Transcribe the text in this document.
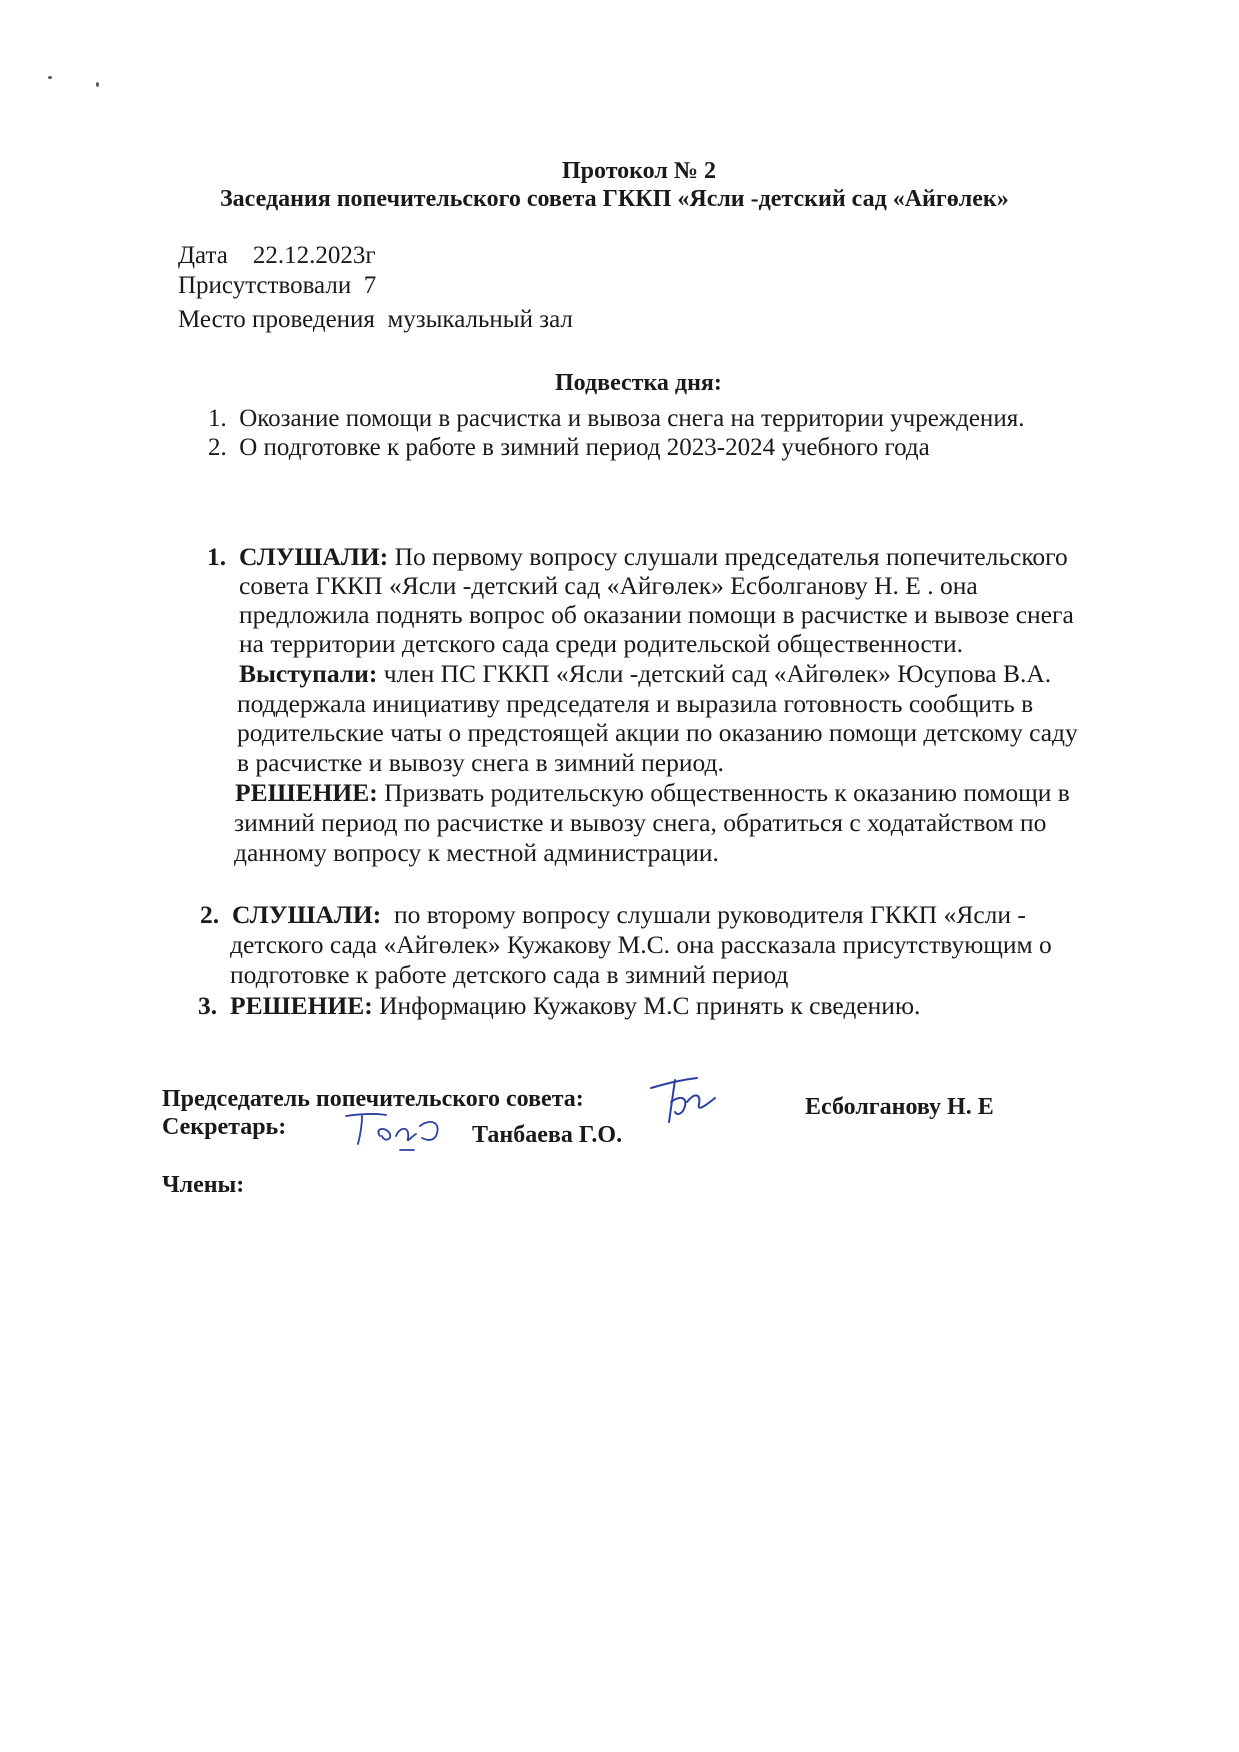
Протокол № 2
Заседания попечительского совета ГККП «Ясли -детский сад «Айгөлек»
Дата 22.12.2023г
Присутствовали 7
Место проведения музыкальный зал
Подвестка дня:
1. Окозание помощи в расчистка и вывоза снега на территории учреждения.
2. О подготовке к работе в зимний период 2023-2024 учебного года
1. СЛУШАЛИ: По первому вопросу слушали председателья попечительского
совета ГККП «Ясли -детский сад «Айгөлек» Есболганову Н. Е . она
предложила поднять вопрос об оказании помощи в расчистке и вывозе снега
на территории детского сада среди родительской общественности.
Выступали: член ПС ГККП «Ясли -детский сад «Айгөлек» Юсупова В.А.
поддержала инициативу председателя и выразила готовность сообщить в
родительские чаты о предстоящей акции по оказанию помощи детскому саду
в расчистке и вывозу снега в зимний период.
РЕШЕНИЕ: Призвать родительскую общественность к оказанию помощи в
зимний период по расчистке и вывозу снега, обратиться с ходатайством по
данному вопросу к местной администрации.
2. СЛУШАЛИ: по второму вопросу слушали руководителя ГККП «Ясли -
детского сада «Айгөлек» Кужакову М.С. она рассказала присутствующим о
подготовке к работе детского сада в зимний период
3. РЕШЕНИЕ: Информацию Кужакову М.С принять к сведению.
Председатель попечительского совета:	Есболганову Н. Е
Секретарь:	Танбаева Г.О.
Члены:
